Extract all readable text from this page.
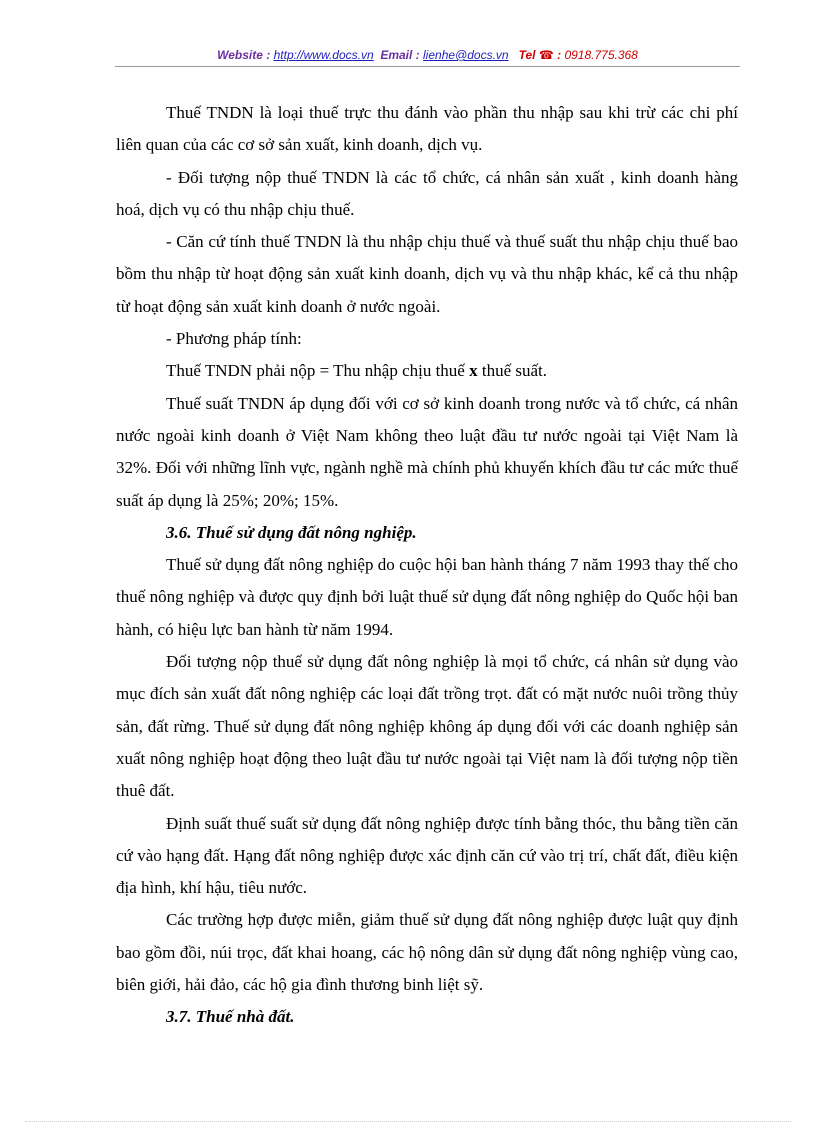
Website : http://www.docs.vn Email : lienhe@docs.vn Tel ☎ : 0918.775.368

Thuế TNDN là loại thuế trực thu đánh vào phần thu nhập sau khi trừ các chi phí liên quan của các cơ sở sản xuất, kinh doanh, dịch vụ.

- Đối tượng nộp thuế TNDN là các tổ chức, cá nhân sản xuất , kinh doanh hàng hoá, dịch vụ có thu nhập chịu thuế.

- Căn cứ tính thuế TNDN là thu nhập chịu thuế và thuế suất thu nhập chịu thuế bao bồm thu nhập từ hoạt động sản xuất kinh doanh, dịch vụ và thu nhập khác, kể cả thu nhập từ hoạt động sản xuất kinh doanh ở nước ngoài.

- Phương pháp tính:

Thuế TNDN phải nộp = Thu nhập chịu thuế x thuế suất.

Thuế suất TNDN áp dụng đối với cơ sở kinh doanh trong nước và tổ chức, cá nhân nước ngoài kinh doanh ở Việt Nam không theo luật đầu tư nước ngoài tại Việt Nam là 32%. Đối với những lĩnh vực, ngành nghề mà chính phủ khuyến khích đầu tư các mức thuế suất áp dụng là 25%; 20%; 15%.

3.6. Thuế sử dụng đất nông nghiệp.

Thuế sử dụng đất nông nghiệp do cuộc hội ban hành tháng 7 năm 1993 thay thế cho thuế nông nghiệp và được quy định bởi luật thuế sử dụng đất nông nghiệp do Quốc hội ban hành, có hiệu lực ban hành từ năm 1994.

Đối tượng nộp thuế sử dụng đất nông nghiệp là mọi tổ chức, cá nhân sử dụng vào mục đích sản xuất đất nông nghiệp các loại đất trồng trọt. đất có mặt nước nuôi trồng thủy sản, đất rừng. Thuế sử dụng đất nông nghiệp không áp dụng đối với các doanh nghiệp sản xuất nông nghiệp hoạt động theo luật đầu tư nước ngoài tại Việt nam là đối tượng nộp tiền thuê đất.

Định suất thuế suất sử dụng đất nông nghiệp được tính bằng thóc, thu bằng tiền căn cứ vào hạng đất. Hạng đất nông nghiệp được xác định căn cứ vào trị trí, chất đất, điều kiện địa hình, khí hậu, tiêu nước.

Các trường hợp được miễn, giảm thuế sử dụng đất nông nghiệp được luật quy định bao gồm đồi, núi trọc, đất khai hoang, các hộ nông dân sử dụng đất nông nghiệp vùng cao, biên giới, hải đảo, các hộ gia đình thương binh liệt sỹ.

3.7. Thuế nhà đất.
